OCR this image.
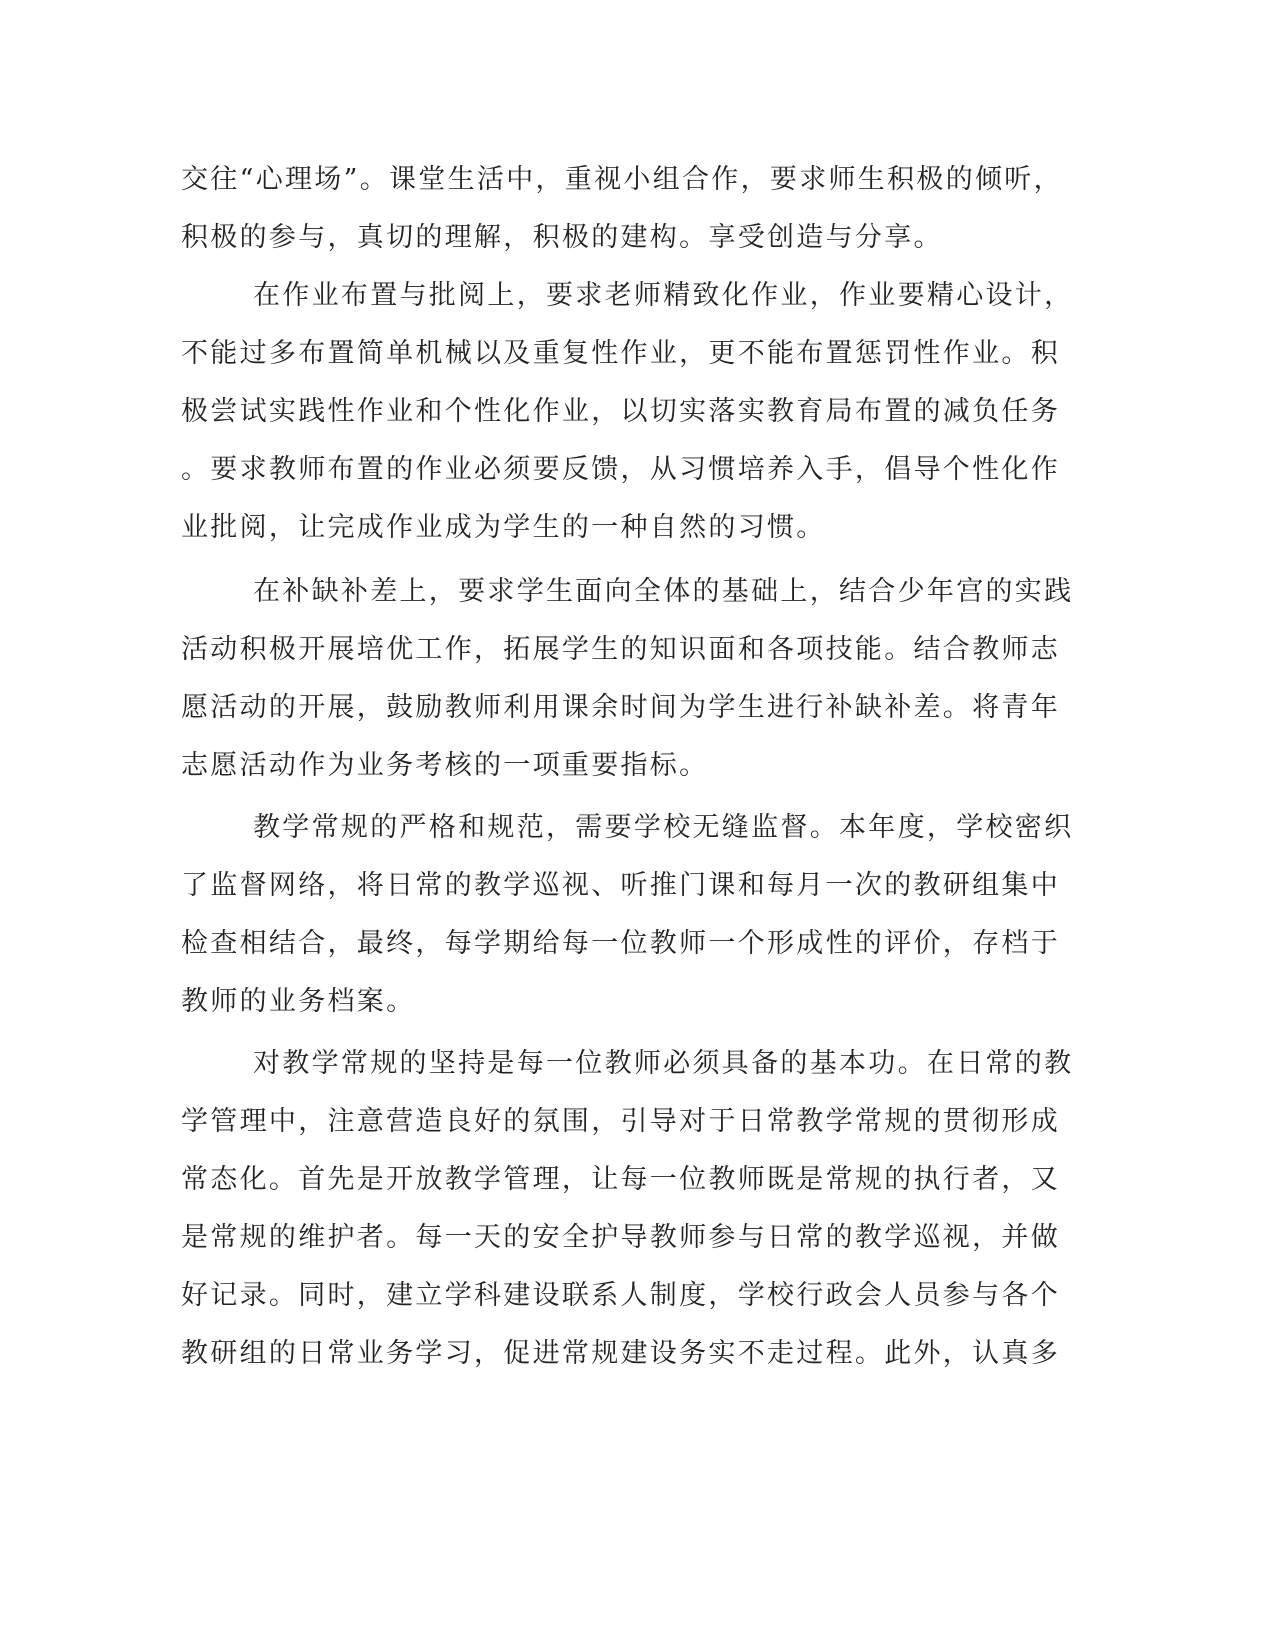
交往“心理场”。课堂生活中，重视小组合作，要求师生积极的倾听，
积极的参与，真切的理解，积极的建构。享受创造与分享。
在作业布置与批阅上，要求老师精致化作业，作业要精心设计，
不能过多布置简单机械以及重复性作业，更不能布置惩罚性作业。积
极尝试实践性作业和个性化作业，以切实落实教育局布置的减负任务
。要求教师布置的作业必须要反馈，从习惯培养入手，倡导个性化作
业批阅，让完成作业成为学生的一种自然的习惯。
在补缺补差上，要求学生面向全体的基础上，结合少年宫的实践
活动积极开展培优工作，拓展学生的知识面和各项技能。结合教师志
愿活动的开展，鼓励教师利用课余时间为学生进行补缺补差。将青年
志愿活动作为业务考核的一项重要指标。
教学常规的严格和规范，需要学校无缝监督。本年度，学校密织
了监督网络，将日常的教学巡视、听推门课和每月一次的教研组集中
检查相结合，最终，每学期给每一位教师一个形成性的评价，存档于
教师的业务档案。
对教学常规的坚持是每一位教师必须具备的基本功。在日常的教
学管理中，注意营造良好的氛围，引导对于日常教学常规的贯彻形成
常态化。首先是开放教学管理，让每一位教师既是常规的执行者，又
是常规的维护者。每一天的安全护导教师参与日常的教学巡视，并做
好记录。同时，建立学科建设联系人制度，学校行政会人员参与各个
教研组的日常业务学习，促进常规建设务实不走过程。此外，认真多
